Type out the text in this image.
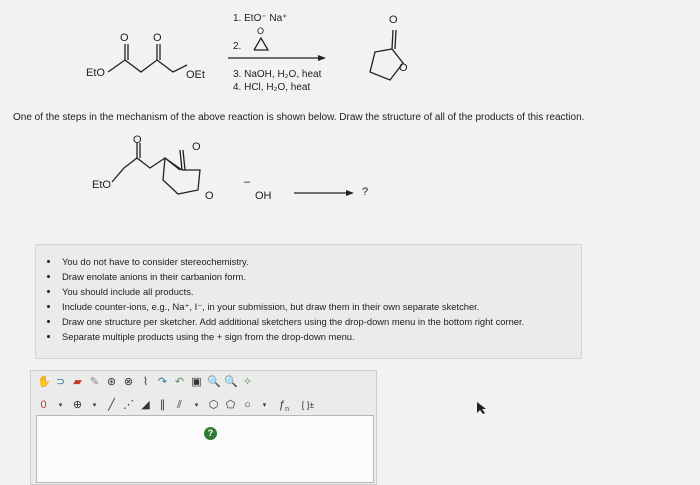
O O
EtO	OEt
O
O
O
1. EtO⁻ Na⁺
2.
3. NaOH, H₂O, heat
4. HCl, H₂O, heat
One of the steps in the mechanism of the above reaction is shown below. Draw the structure of all of the products of this reaction.
O
O
O
EtO	–
OH	?
• You do not have to consider stereochemistry.
• Draw enolate anions in their carbanion form.
• You should include all products.
• Include counter-ions, e.g., Na⁺, I⁻, in your submission, but draw them in their own separate sketcher.
• Draw one structure per sketcher. Add additional sketchers using the drop-down menu in the bottom right corner.
• Separate multiple products using the + sign from the drop-down menu.
✋ ⊃ ▰ ✎ ⊛ ⊗ ⌇ ↷ ↶ ▣ 🔍 🔍 ✧
0	▾ ⊕	▾	╱ ⋰ ◢ ∥	⫽	▾ ⬡ ⬠ ○	▾	$ƒ_n$	[ ]±
?
